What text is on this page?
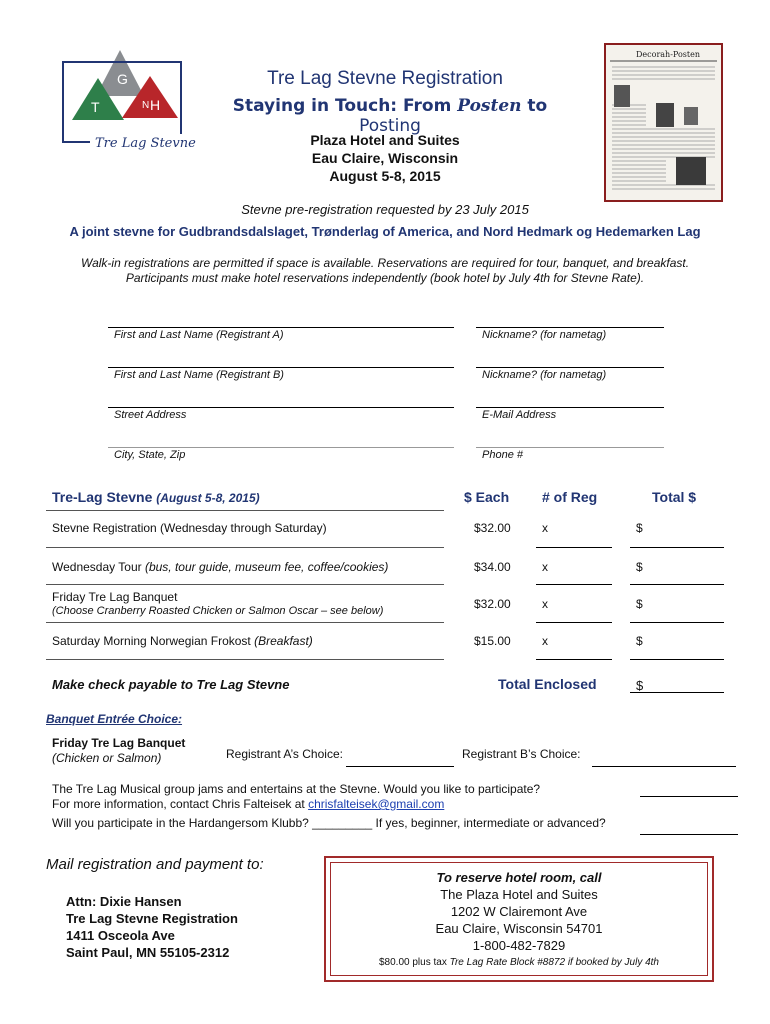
G
T	N H
Tre Lag Stevne
Tre Lag Stevne Registration
Staying in Touch: From Posten to Posting
Plaza Hotel and Suites
Eau Claire, Wisconsin
August 5-8, 2015
Decorah-Posten
Stevne pre-registration requested by 23 July 2015
A joint stevne for Gudbrandsdalslaget, Trønderlag of America, and Nord Hedmark og Hedemarken Lag
Walk-in registrations are permitted if space is available. Reservations are required for tour, banquet, and breakfast.
Participants must make hotel reservations independently (book hotel by July 4th for Stevne Rate).
First and Last Name (Registrant A)	Nickname? (for nametag)
First and Last Name (Registrant B)	Nickname? (for nametag)
Street Address	E-Mail Address
City, State, Zip	Phone #
Tre-Lag Stevne (August 5-8, 2015)	$ Each # of Reg	Total $
Stevne Registration (Wednesday through Saturday)	$32.00	x	$
Wednesday Tour (bus, tour guide, museum fee, coffee/cookies)	$34.00	x	$
Friday Tre Lag Banquet
(Choose Cranberry Roasted Chicken or Salmon Oscar – see below)	$32.00	x	$
Saturday Morning Norwegian Frokost (Breakfast)	$15.00	x	$
Make check payable to Tre Lag Stevne	Total Enclosed	$
Banquet Entrée Choice:
Friday Tre Lag Banquet
(Chicken or Salmon)	Registrant A’s Choice:	Registrant B’s Choice:
The Tre Lag Musical group jams and entertains at the Stevne. Would you like to participate?
For more information, contact Chris Falteisek at chrisfalteisek@gmail.com
Will you participate in the Hardangersom Klubb? _________ If yes, beginner, intermediate or advanced?
Mail registration and payment to:
Attn: Dixie Hansen
Tre Lag Stevne Registration
1411 Osceola Ave
Saint Paul, MN 55105-2312
To reserve hotel room, call
The Plaza Hotel and Suites
1202 W Clairemont Ave
Eau Claire, Wisconsin 54701
1-800-482-7829
$80.00 plus tax Tre Lag Rate Block #8872 if booked by July 4th
